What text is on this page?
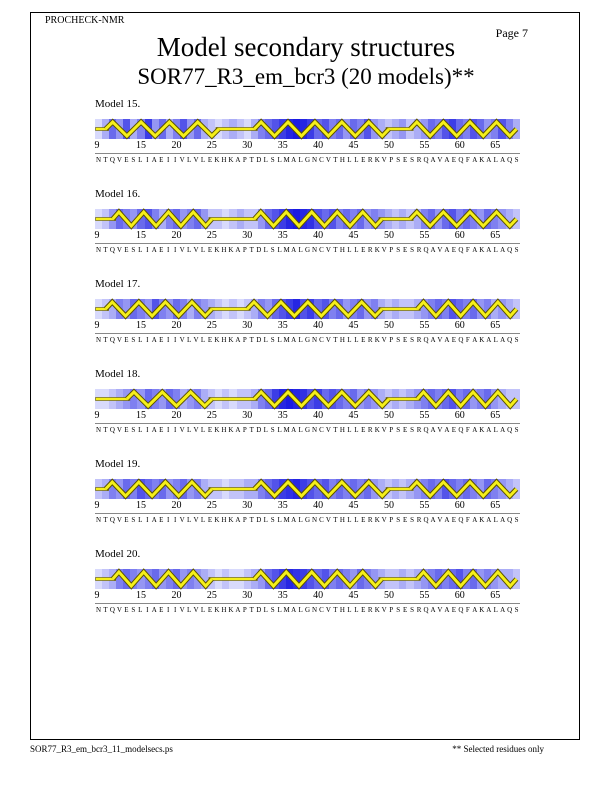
PROCHECK-NMR
Page 7
Model secondary structures
SOR77_R3_em_bcr3 (20 models)**
Model 15.
9	15	20	25	30	35	40	45	50	55	60	65
N T Q V E S L I A E I I V L V L E K H K A P T D L S L M A L G N C V T H L L E R K V P S E S R Q A V A E Q F A K A L A Q S
Model 16.
9	15	20	25	30	35	40	45	50	55	60	65
N T Q V E S L I A E I I V L V L E K H K A P T D L S L M A L G N C V T H L L E R K V P S E S R Q A V A E Q F A K A L A Q S
Model 17.
9	15	20	25	30	35	40	45	50	55	60	65
N T Q V E S L I A E I I V L V L E K H K A P T D L S L M A L G N C V T H L L E R K V P S E S R Q A V A E Q F A K A L A Q S
Model 18.
9	15	20	25	30	35	40	45	50	55	60	65
N T Q V E S L I A E I I V L V L E K H K A P T D L S L M A L G N C V T H L L E R K V P S E S R Q A V A E Q F A K A L A Q S
Model 19.
9	15	20	25	30	35	40	45	50	55	60	65
N T Q V E S L I A E I I V L V L E K H K A P T D L S L M A L G N C V T H L L E R K V P S E S R Q A V A E Q F A K A L A Q S
Model 20.
9	15	20	25	30	35	40	45	50	55	60	65
N T Q V E S L I A E I I V L V L E K H K A P T D L S L M A L G N C V T H L L E R K V P S E S R Q A V A E Q F A K A L A Q S
SOR77_R3_em_bcr3_11_modelsecs.ps	** Selected residues only
